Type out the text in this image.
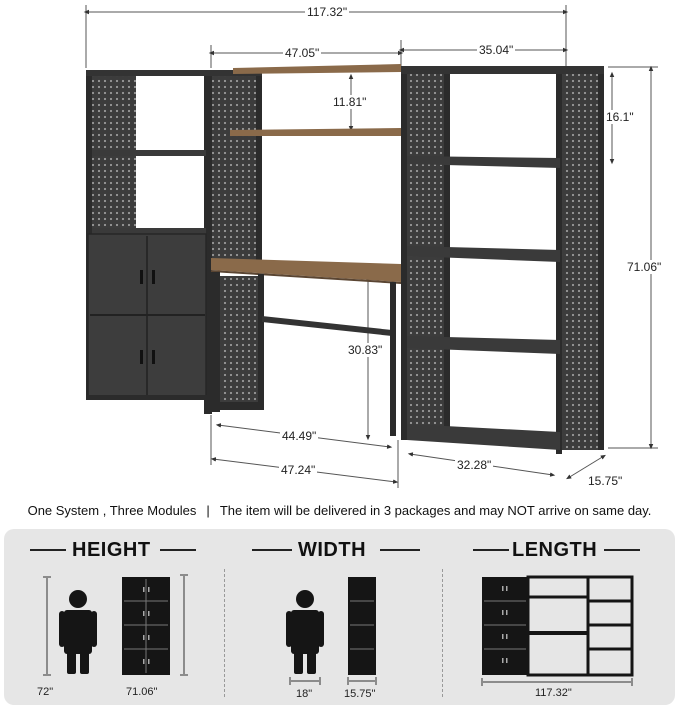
117.32"
47.05"	35.04"
11.81"
16.1"
71.06"
30.83"
44.49"
47.24"	32.28"
15.75"
One System , Three Modules | The item will be delivered in 3 packages and may NOT arrive on same day.
HEIGHT	WIDTH	LENGTH
72"	71.06"	18"	15.75"	117.32"
